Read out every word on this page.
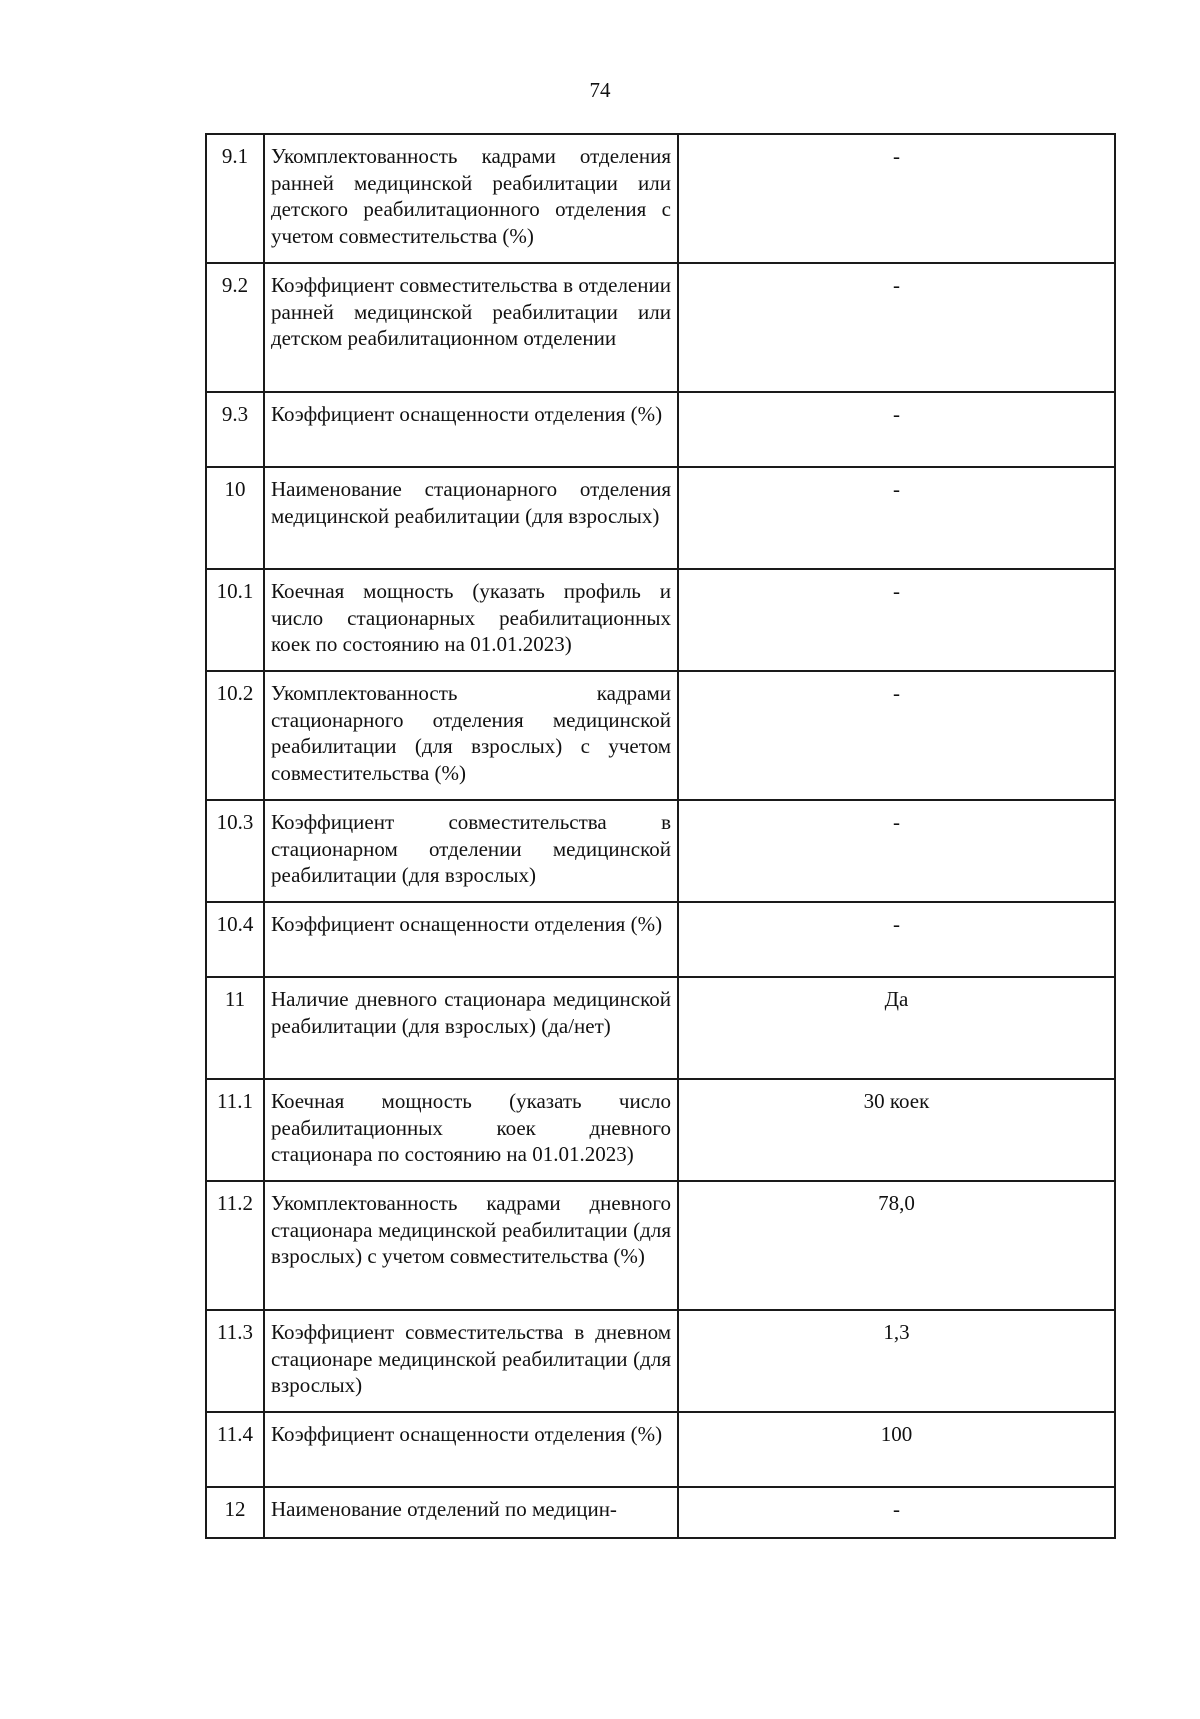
74
9.1	Укомплектованность кадрами отделения ранней медицинской реабилитации или детского реабилитационного отделения с учетом совместительства (%)	-
9.2	Коэффициент совместительства в отделении ранней медицинской реабилитации или детском реабилитационном отделении	-
9.3	Коэффициент оснащенности отделения (%)	-
10	Наименование стационарного отделения медицинской реабилитации (для взрослых)	-
10.1	Коечная мощность (указать профиль и число стационарных реабилитационных коек по состоянию на 01.01.2023)	-
10.2	Укомплектованность кадрами стационарного отделения медицинской реабилитации (для взрослых) с учетом совместительства (%)	-
10.3	Коэффициент совместительства в стационарном отделении медицинской реабилитации (для взрослых)	-
10.4	Коэффициент оснащенности отделения (%)	-
11	Наличие дневного стационара медицинской реабилитации (для взрослых) (да/нет)	Да
11.1	Коечная мощность (указать число реабилитационных коек дневного стационара по состоянию на 01.01.2023)	30 коек
11.2	Укомплектованность кадрами дневного стационара медицинской реабилитации (для взрослых) с учетом совместительства (%)	78,0
11.3	Коэффициент совместительства в дневном стационаре медицинской реабилитации (для взрослых)	1,3
11.4	Коэффициент оснащенности отделения (%)	100
12	Наименование отделений по медицин-	-
